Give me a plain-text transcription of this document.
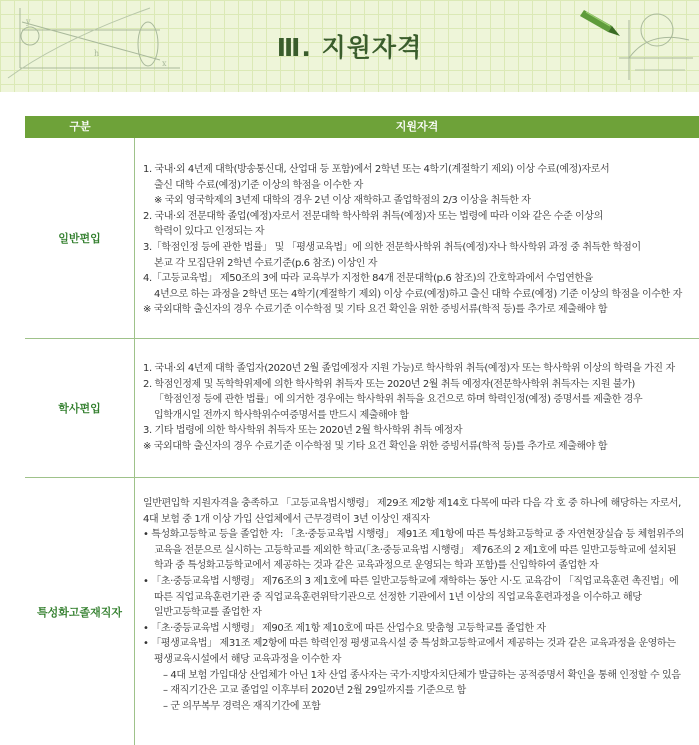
y
h
x
Ⅲ. 지원자격
구분	지원자격
일반편입
1. 국내·외 4년제 대학(방송통신대, 산업대 등 포함)에서 2학년 또는 4학기(계절학기 제외) 이상 수료(예정)자로서
출신 대학 수료(예정)기준 이상의 학점을 이수한 자
※ 국외 영국학제의 3년제 대학의 경우 2년 이상 재학하고 졸업학점의 2/3 이상을 취득한 자
2. 국내·외 전문대학 졸업(예정)자로서 전문대학 학사학위 취득(예정)자 또는 법령에 따라 이와 같은 수준 이상의
학력이 있다고 인정되는 자
3.「학점인정 등에 관한 법률」 및 「평생교육법」에 의한 전문학사학위 취득(예정)자나 학사학위 과정 중 취득한 학점이
본교 각 모집단위 2학년 수료기준(p.6 참조) 이상인 자
4.「고등교육법」 제50조의 3에 따라 교육부가 지정한 84개 전문대학(p.6 참조)의 간호학과에서 수업연한을
4년으로 하는 과정을 2학년 또는 4학기(계절학기 제외) 이상 수료(예정)하고 출신 대학 수료(예정) 기준 이상의 학점을 이수한 자
※ 국외대학 출신자의 경우 수료기준 이수학점 및 기타 요건 확인을 위한 증빙서류(학적 등)를 추가로 제출해야 함
학사편입
1. 국내·외 4년제 대학 졸업자(2020년 2월 졸업예정자 지원 가능)로 학사학위 취득(예정)자 또는 학사학위 이상의 학력을 가진 자
2. 학점인정제 및 독학학위제에 의한 학사학위 취득자 또는 2020년 2월 취득 예정자(전문학사학위 취득자는 지원 불가)
「학점인정 등에 관한 법률」에 의거한 경우에는 학사학위 취득을 요건으로 하며 학력인정(예정) 증명서를 제출한 경우
입학개시일 전까지 학사학위수여증명서를 반드시 제출해야 함
3. 기타 법령에 의한 학사학위 취득자 또는 2020년 2월 학사학위 취득 예정자
※ 국외대학 출신자의 경우 수료기준 이수학점 및 기타 요건 확인을 위한 증빙서류(학적 등)를 추가로 제출해야 함
특성화고졸재직자
일반편입학 지원자격을 충족하고 「고등교육법시행령」 제29조 제2항 제14호 다목에 따라 다음 각 호 중 하나에 해당하는 자로서,
4대 보험 중 1개 이상 가입 산업체에서 근무경력이 3년 이상인 재직자
• 특성화고등학교 등을 졸업한 자: 「초·중등교육법 시행령」 제91조 제1항에 따른 특성화고등학교 중 자연현장실습 등 체험위주의
교육을 전문으로 실시하는 고등학교를 제외한 학교(「초·중등교육법 시행령」 제76조의 2 제1호에 따른 일반고등학교에 설치된
학과 중 특성화고등학교에서 제공하는 것과 같은 교육과정으로 운영되는 학과 포함)를 신입학하여 졸업한 자
• 「초·중등교육법 시행령」 제76조의 3 제1호에 따른 일반고등학교에 재학하는 동안 시·도 교육감이 「직업교육훈련 촉진법」에
따른 직업교육훈련기관 중 직업교육훈련위탁기관으로 선정한 기관에서 1년 이상의 직업교육훈련과정을 이수하고 해당
일반고등학교를 졸업한 자
• 「초·중등교육법 시행령」 제90조 제1항 제10호에 따른 산업수요 맞춤형 고등학교를 졸업한 자
• 「평생교육법」 제31조 제2항에 따른 학력인정 평생교육시설 중 특성화고등학교에서 제공하는 것과 같은 교육과정을 운영하는
평생교육시설에서 해당 교육과정을 이수한 자
– 4대 보험 가입대상 산업체가 아닌 1차 산업 종사자는 국가·지방자치단체가 발급하는 공적증명서 확인을 통해 인정할 수 있음
– 재직기간은 고교 졸업일 이후부터 2020년 2월 29일까지를 기준으로 함
– 군 의무복무 경력은 재직기간에 포함
